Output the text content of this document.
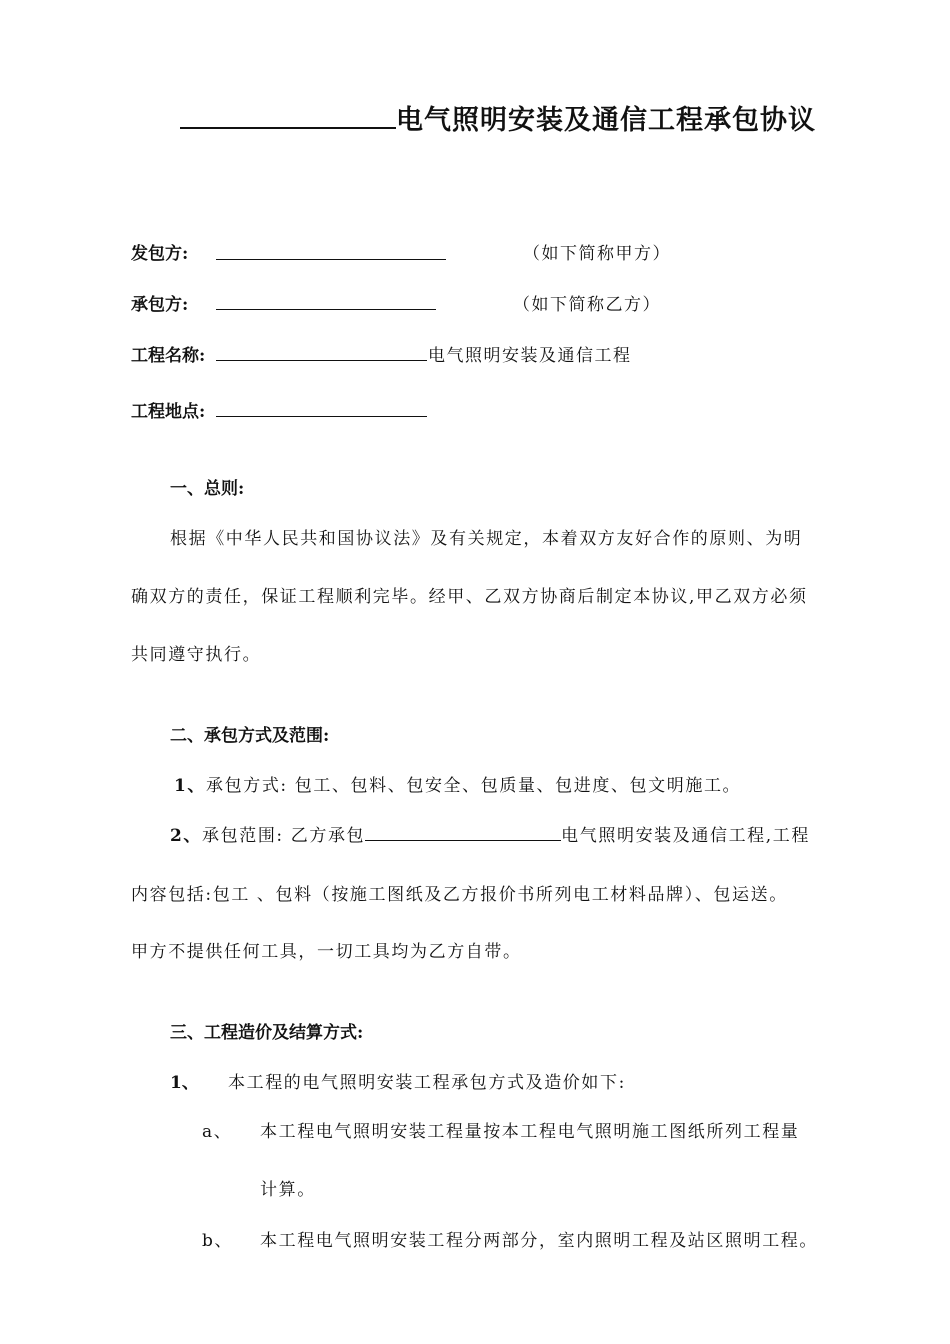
电气照明安装及通信工程承包协议
发包方:	（如下简称甲方）
承包方:	（如下简称乙方）
工程名称:	电气照明安装及通信工程
工程地点:
一、总则:
根据《中华人民共和国协议法》及有关规定，本着双方友好合作的原则、为明
确双方的责任，保证工程顺利完毕。经甲、乙双方协商后制定本协议,甲乙双方必须
共同遵守执行。
二、承包方式及范围:
1、承包方式: 包工、包料、包安全、包质量、包进度、包文明施工。
2、承包范围: 乙方承包	电气照明安装及通信工程,工程
内容包括:包工 、包料（按施工图纸及乙方报价书所列电工材料品牌）、包运送。
甲方不提供任何工具，一切工具均为乙方自带。
三、工程造价及结算方式:
1、 本工程的电气照明安装工程承包方式及造价如下:
a、 本工程电气照明安装工程量按本工程电气照明施工图纸所列工程量
计算。
b、 本工程电气照明安装工程分两部分，室内照明工程及站区照明工程。
